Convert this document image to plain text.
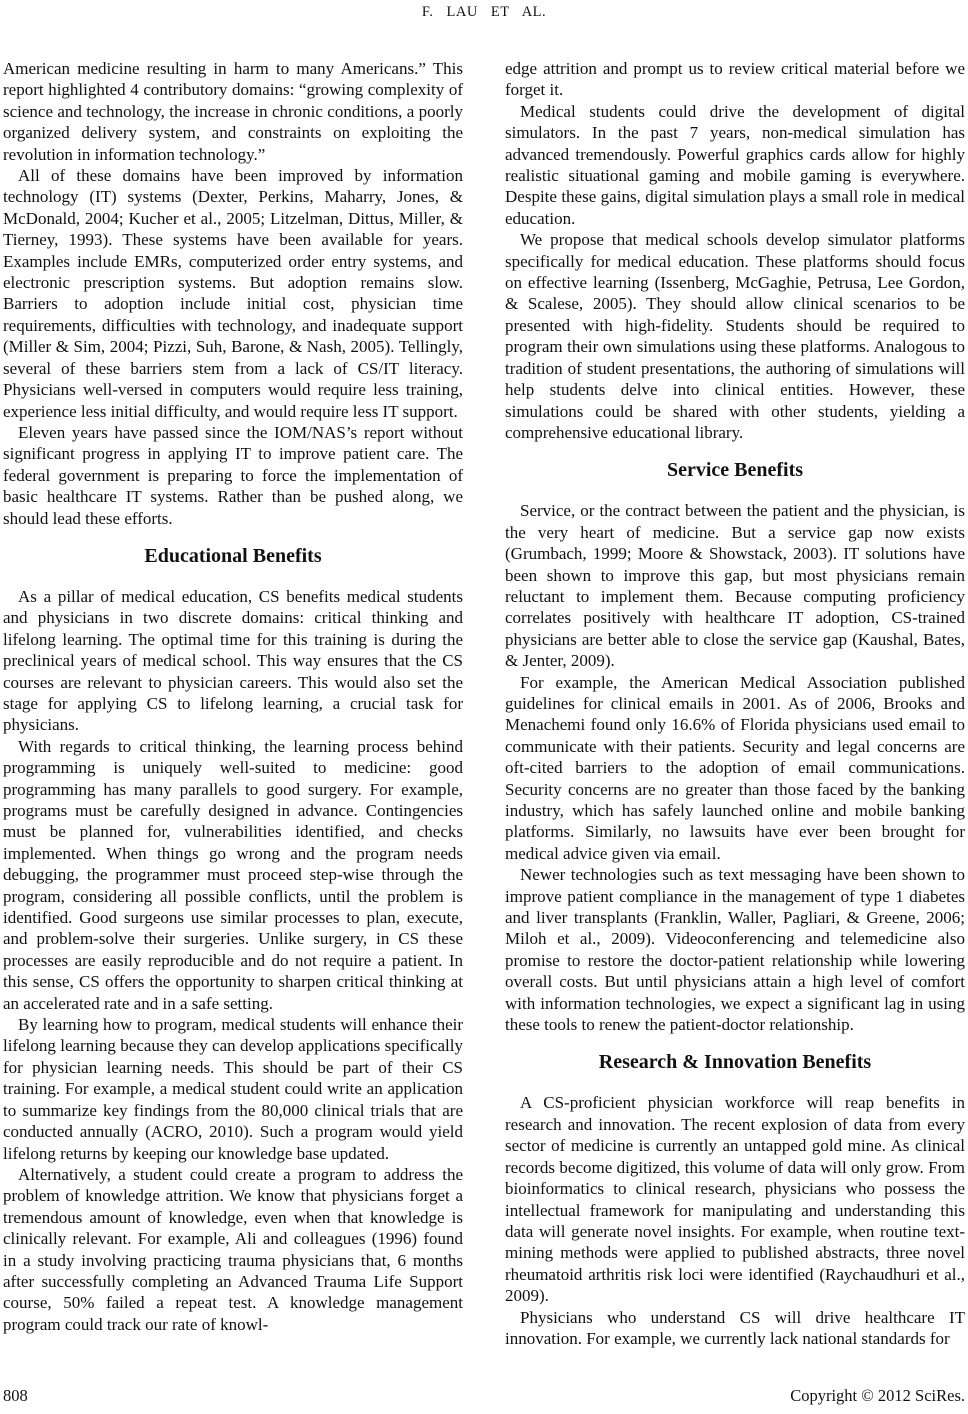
F. LAU ET AL.

American medicine resulting in harm to many Americans.” This report highlighted 4 contributory domains: “growing complexity of science and technology, the increase in chronic conditions, a poorly organized delivery system, and constraints on exploiting the revolution in information technology.”

All of these domains have been improved by information technology (IT) systems (Dexter, Perkins, Maharry, Jones, & McDonald, 2004; Kucher et al., 2005; Litzelman, Dittus, Miller, & Tierney, 1993). These systems have been available for years. Examples include EMRs, computerized order entry systems, and electronic prescription systems. But adoption remains slow. Barriers to adoption include initial cost, physician time requirements, difficulties with technology, and inadequate support (Miller & Sim, 2004; Pizzi, Suh, Barone, & Nash, 2005). Tellingly, several of these barriers stem from a lack of CS/IT literacy. Physicians well-versed in computers would require less training, experience less initial difficulty, and would require less IT support.

Eleven years have passed since the IOM/NAS’s report without significant progress in applying IT to improve patient care. The federal government is preparing to force the implementation of basic healthcare IT systems. Rather than be pushed along, we should lead these efforts.

Educational Benefits

As a pillar of medical education, CS benefits medical students and physicians in two discrete domains: critical thinking and lifelong learning. The optimal time for this training is during the preclinical years of medical school. This way ensures that the CS courses are relevant to physician careers. This would also set the stage for applying CS to lifelong learning, a crucial task for physicians.

With regards to critical thinking, the learning process behind programming is uniquely well-suited to medicine: good programming has many parallels to good surgery. For example, programs must be carefully designed in advance. Contingencies must be planned for, vulnerabilities identified, and checks implemented. When things go wrong and the program needs debugging, the programmer must proceed step-wise through the program, considering all possible conflicts, until the problem is identified. Good surgeons use similar processes to plan, execute, and problem-solve their surgeries. Unlike surgery, in CS these processes are easily reproducible and do not require a patient. In this sense, CS offers the opportunity to sharpen critical thinking at an accelerated rate and in a safe setting.

By learning how to program, medical students will enhance their lifelong learning because they can develop applications specifically for physician learning needs. This should be part of their CS training. For example, a medical student could write an application to summarize key findings from the 80,000 clinical trials that are conducted annually (ACRO, 2010). Such a program would yield lifelong returns by keeping our knowledge base updated.

Alternatively, a student could create a program to address the problem of knowledge attrition. We know that physicians forget a tremendous amount of knowledge, even when that knowledge is clinically relevant. For example, Ali and colleagues (1996) found in a study involving practicing trauma physicians that, 6 months after successfully completing an Advanced Trauma Life Support course, 50% failed a repeat test. A knowledge management program could track our rate of knowl-

edge attrition and prompt us to review critical material before we forget it.

Medical students could drive the development of digital simulators. In the past 7 years, non-medical simulation has advanced tremendously. Powerful graphics cards allow for highly realistic situational gaming and mobile gaming is everywhere. Despite these gains, digital simulation plays a small role in medical education.

We propose that medical schools develop simulator platforms specifically for medical education. These platforms should focus on effective learning (Issenberg, McGaghie, Petrusa, Lee Gordon, & Scalese, 2005). They should allow clinical scenarios to be presented with high-fidelity. Students should be required to program their own simulations using these platforms. Analogous to tradition of student presentations, the authoring of simulations will help students delve into clinical entities. However, these simulations could be shared with other students, yielding a comprehensive educational library.

Service Benefits

Service, or the contract between the patient and the physician, is the very heart of medicine. But a service gap now exists (Grumbach, 1999; Moore & Showstack, 2003). IT solutions have been shown to improve this gap, but most physicians remain reluctant to implement them. Because computing proficiency correlates positively with healthcare IT adoption, CS-trained physicians are better able to close the service gap (Kaushal, Bates, & Jenter, 2009).

For example, the American Medical Association published guidelines for clinical emails in 2001. As of 2006, Brooks and Menachemi found only 16.6% of Florida physicians used email to communicate with their patients. Security and legal concerns are oft-cited barriers to the adoption of email communications. Security concerns are no greater than those faced by the banking industry, which has safely launched online and mobile banking platforms. Similarly, no lawsuits have ever been brought for medical advice given via email.

Newer technologies such as text messaging have been shown to improve patient compliance in the management of type 1 diabetes and liver transplants (Franklin, Waller, Pagliari, & Greene, 2006; Miloh et al., 2009). Videoconferencing and telemedicine also promise to restore the doctor-patient relationship while lowering overall costs. But until physicians attain a high level of comfort with information technologies, we expect a significant lag in using these tools to renew the patient-doctor relationship.

Research & Innovation Benefits

A CS-proficient physician workforce will reap benefits in research and innovation. The recent explosion of data from every sector of medicine is currently an untapped gold mine. As clinical records become digitized, this volume of data will only grow. From bioinformatics to clinical research, physicians who possess the intellectual framework for manipulating and understanding this data will generate novel insights. For example, when routine text-mining methods were applied to published abstracts, three novel rheumatoid arthritis risk loci were identified (Raychaudhuri et al., 2009).

Physicians who understand CS will drive healthcare IT innovation. For example, we currently lack national standards for

808	Copyright © 2012 SciRes.
